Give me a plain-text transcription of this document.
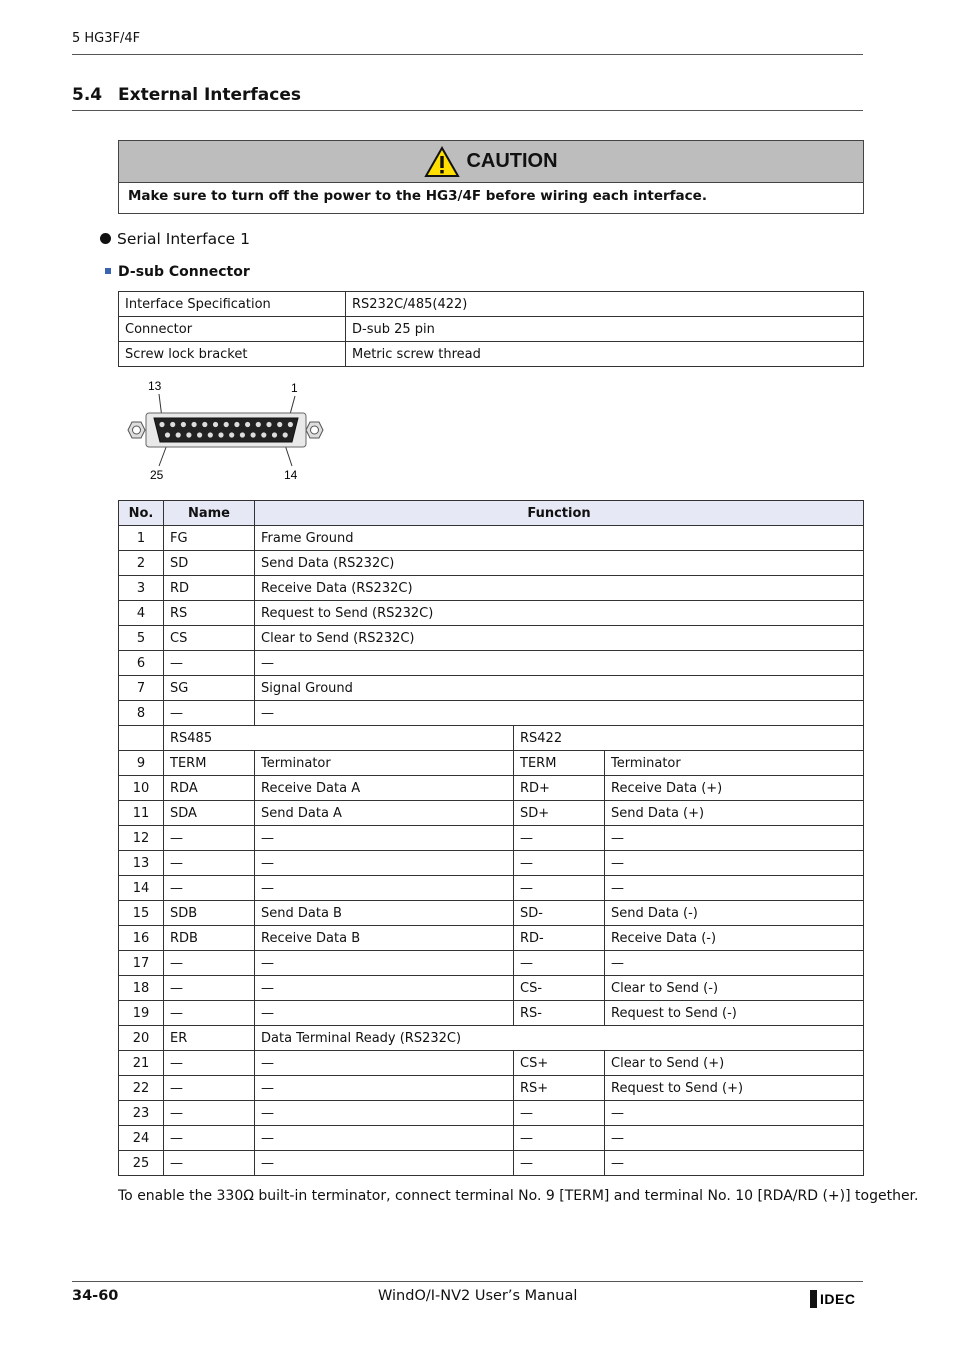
5 HG3F/4F
5.4 External Interfaces
CAUTION
Make sure to turn off the power to the HG3/4F before wiring each interface.
Serial Interface 1
D-sub Connector
Interface Specification	RS232C/485(422)
Connector	D-sub 25 pin
Screw lock bracket	Metric screw thread
13	1
25	14
No.	Name	Function		
1	FG	Frame Ground		
2	SD	Send Data (RS232C)		
3	RD	Receive Data (RS232C)		
4	RS	Request to Send (RS232C)		
5	CS	Clear to Send (RS232C)		
6	—	—		
7	SG	Signal Ground		
8	—	—		
	RS485		RS422	
9	TERM	Terminator	TERM	Terminator
10	RDA	Receive Data A	RD+	Receive Data (+)
11	SDA	Send Data A	SD+	Send Data (+)
12	—	—	—	—
13	—	—	—	—
14	—	—	—	—
15	SDB	Send Data B	SD-	Send Data (-)
16	RDB	Receive Data B	RD-	Receive Data (-)
17	—	—	—	—
18	—	—	CS-	Clear to Send (-)
19	—	—	RS-	Request to Send (-)
20	ER	Data Terminal Ready (RS232C)		
21	—	—	CS+	Clear to Send (+)
22	—	—	RS+	Request to Send (+)
23	—	—	—	—
24	—	—	—	—
25	—	—	—	—
To enable the 330Ω built-in terminator, connect terminal No. 9 [TERM] and terminal No. 10 [RDA/RD (+)] together.
34-60	WindO/I-NV2 User’s Manual	IDEC
